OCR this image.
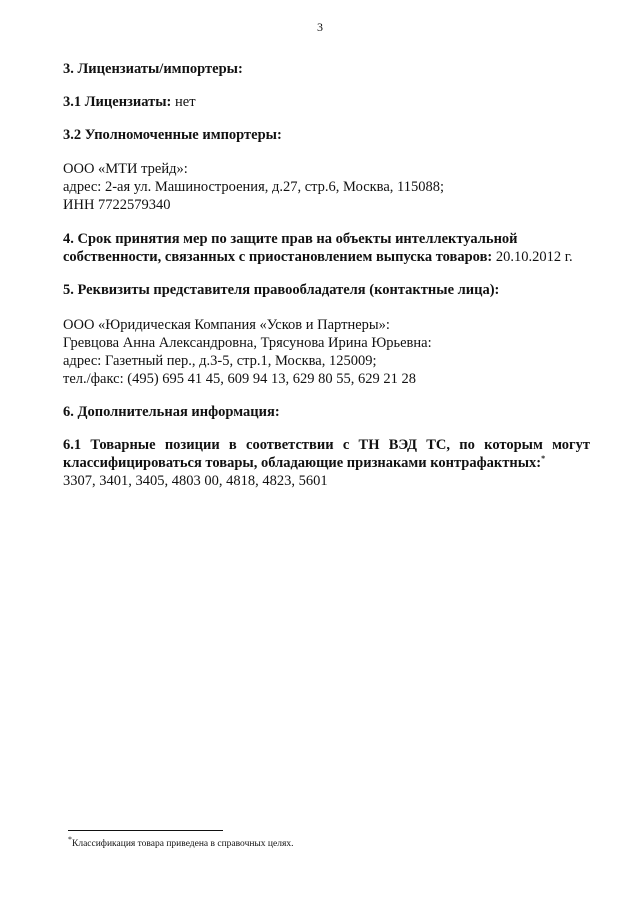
3

3. Лицензиаты/импортеры:

3.1 Лицензиаты: нет

3.2 Уполномоченные импортеры:

ООО «МТИ трейд»:
адрес: 2-ая ул. Машиностроения, д.27, стр.6, Москва, 115088;
ИНН 7722579340
4. Срок принятия мер по защите прав на объекты интеллектуальной
собственности, связанных с приостановлением выпуска товаров: 20.10.2012 г.

5. Реквизиты представителя правообладателя (контактные лица):

ООО «Юридическая Компания «Усков и Партнеры»:
Гревцова Анна Александровна, Трясунова Ирина Юрьевна:
адрес: Газетный пер., д.3-5, стр.1, Москва, 125009;
тел./факс: (495) 695 41 45, 609 94 13, 629 80 55, 629 21 28

6. Дополнительная информация:

6.1 Товарные позиции в соответствии с ТН ВЭД ТС, по которым могут
классифицироваться товары, обладающие признаками контрафактных:*
3307, 3401, 3405, 4803 00, 4818, 4823, 5601
*Классификация товара приведена в справочных целях.
